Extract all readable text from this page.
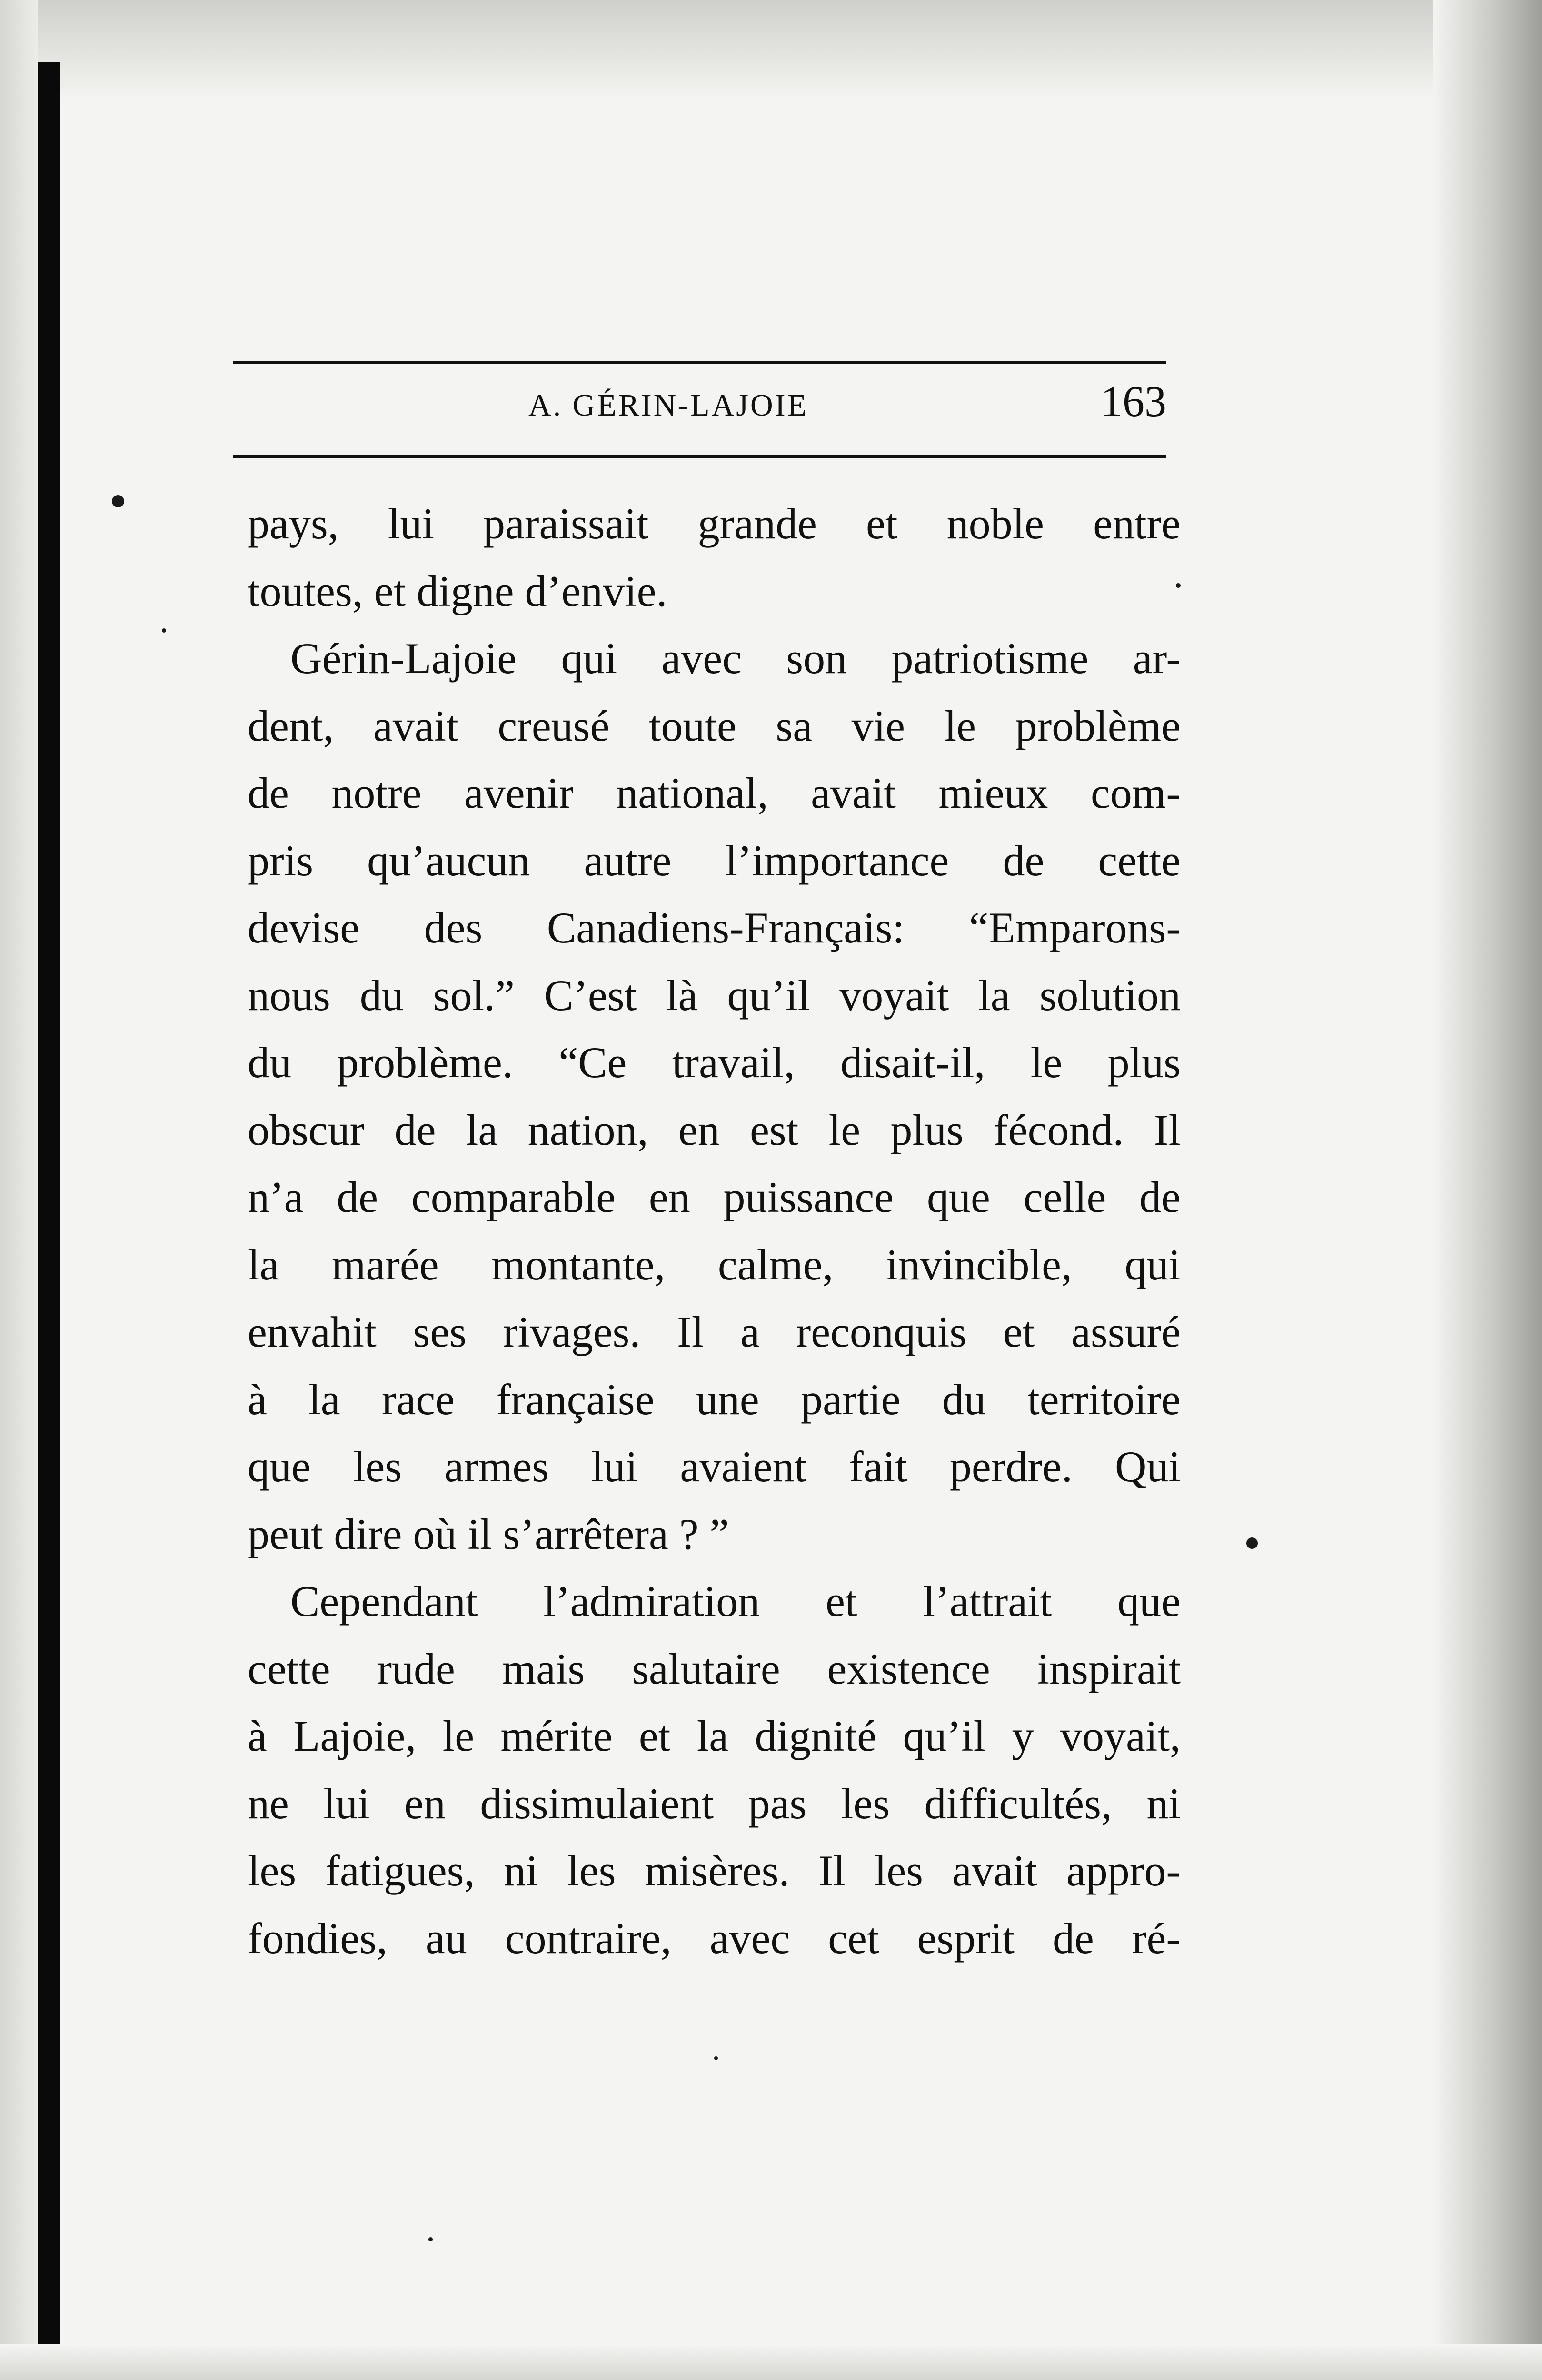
A. GÉRIN-LAJOIE	163
pays, lui paraissait grande et noble entre
toutes, et digne d’envie.
Gérin-Lajoie qui avec son patriotisme ar-
dent, avait creusé toute sa vie le problème
de notre avenir national, avait mieux com-
pris qu’aucun autre l’importance de cette
devise des Canadiens-Français: “Emparons-
nous du sol.” C’est là qu’il voyait la solution
du problème. “Ce travail, disait-il, le plus
obscur de la nation, en est le plus fécond. Il
n’a de comparable en puissance que celle de
la marée montante, calme, invincible, qui
envahit ses rivages. Il a reconquis et assuré
à la race française une partie du territoire
que les armes lui avaient fait perdre. Qui
peut dire où il s’arrêtera ? ”
Cependant l’admiration et l’attrait que
cette rude mais salutaire existence inspirait
à Lajoie, le mérite et la dignité qu’il y voyait,
ne lui en dissimulaient pas les difficultés, ni
les fatigues, ni les misères. Il les avait appro-
fondies, au contraire, avec cet esprit de ré-
